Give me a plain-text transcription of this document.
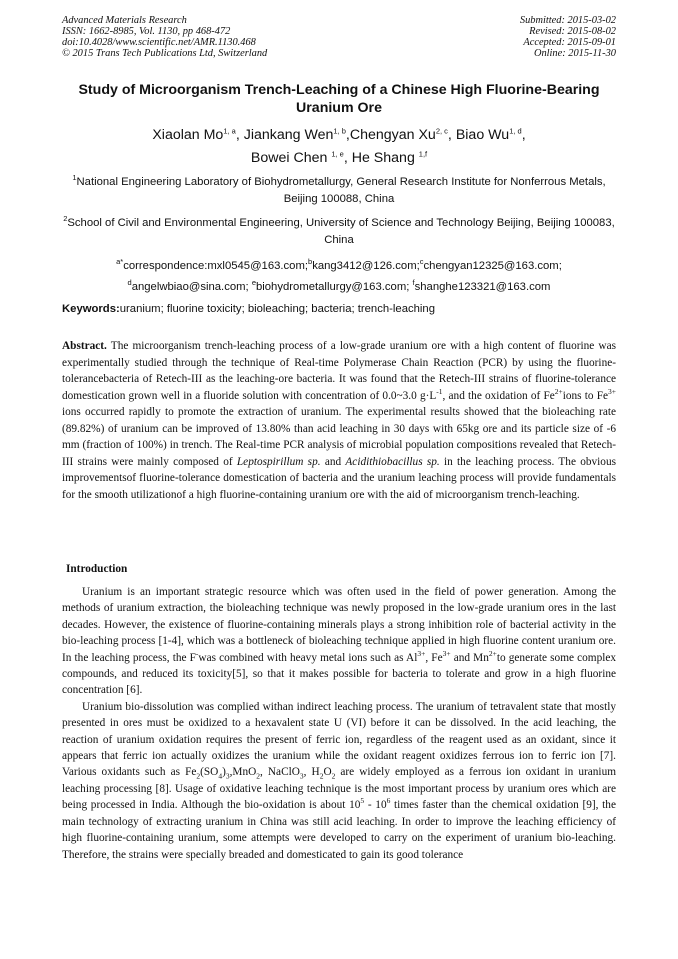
Advanced Materials Research
ISSN: 1662-8985, Vol. 1130, pp 468-472
doi:10.4028/www.scientific.net/AMR.1130.468
© 2015 Trans Tech Publications Ltd, Switzerland
Submitted: 2015-03-02
Revised: 2015-08-02
Accepted: 2015-09-01
Online: 2015-11-30
Study of Microorganism Trench-Leaching of a Chinese High Fluorine-Bearing Uranium Ore
Xiaolan Mo$^{1, a}$, Jiankang Wen$^{1, b}$,Chengyan Xu$^{2, c}$, Biao Wu$^{1, d}$,
Bowei Chen $^{1, e}$, He Shang $^{1,f}$

$^1$National Engineering Laboratory of Biohydrometallurgy, General Research Institute for Nonferrous Metals, Beijing 100088, China

$^2$School of Civil and Environmental Engineering, University of Science and Technology Beijing, Beijing 100083, China

$^{a*}$correspondence:mxl0545@163.com;$^b$kang3412@126.com;$^c$chengyan12325@163.com;
$^d$angelwbiao@sina.com; $^e$biohydrometallurgy@163.com; $^f$shanghe123321@163.com

Keywords:uranium; fluorine toxicity; bioleaching; bacteria; trench-leaching

Abstract. The microorganism trench-leaching process of a low-grade uranium ore with a high content of fluorine was experimentally studied through the technique of Real-time Polymerase Chain Reaction (PCR) by using the fluorine-tolerancebacteria of Retech-III as the leaching-ore bacteria. It was found that the Retech-III strains of fluorine-tolerance domestication grown well in a fluoride solution with concentration of 0.0~3.0 $g\cdot L^{-1}$, and the oxidation of $Fe^{2+}ions$ to $Fe^{3+}$ ions occurred rapidly to promote the extraction of uranium. The experimental results showed that the bioleaching rate (89.82%) of uranium can be improved of 13.80% than acid leaching in 30 days with 65kg ore and its particle size of -6 mm (fraction of 100%) in trench. The Real-time PCR analysis of microbial population compositions revealed that Retech-III strains were mainly composed of Leptospirillum sp. and Acidithiobacillus sp. in the leaching process. The obvious improvementsof fluorine-tolerance domestication of bacteria and the uranium leaching process will provide fundamentals for the smooth utilizationof a high fluorine-containing uranium ore with the aid of microorganism trench-leaching.

Introduction

Uranium is an important strategic resource which was often used in the field of power generation. Among the methods of uranium extraction, the bioleaching technique was newly proposed in the low-grade uranium ores in the last decades. However, the existence of fluorine-containing minerals plays a strong inhibition role of bacterial activity in the bio-leaching process [1-4], which was a bottleneck of bioleaching technique applied in high fluorine content uranium ore. In the leaching process, the F-was combined with heavy metal ions such as $Al^{3+}$, $Fe^{3+}$ and $Mn^{2+}to$ generate some complex compounds, and reduced its toxicity[5], so that it makes possible for bacteria to tolerate and grow in a high fluorine concentration [6].

Uranium bio-dissolution was complied withan indirect leaching process. The uranium of tetravalent state that mostly presented in ores must be oxidized to a hexavalent state U (VI) before it can be dissolved. In the acid leaching, the reaction of uranium oxidation requires the present of ferric ion, regardless of the reagent used as an oxidant, since it appears that ferric ion actually oxidizes the uranium while the oxidant reagent oxidizes ferrous ion to ferric ion [7]. Various oxidants such as $Fe_2(SO_4)_3,MnO_2$, NaClO$_3$, $H_2O_2$ are widely employed as a ferrous ion oxidant in uranium leaching processing [8]. Usage of oxidative leaching technique is the most important process by uranium ores which are being processed in India. Although the bio-oxidation is about $10^5 - 10^6$ times faster than the chemical oxidation [9], the main technology of extracting uranium in China was still acid leaching. In order to improve the leaching efficiency of high fluorine-containing uranium, some attempts were developed to carry on the experiment of uranium bio-leaching. Therefore, the strains were specially breaded and domesticated to gain its good tolerance
